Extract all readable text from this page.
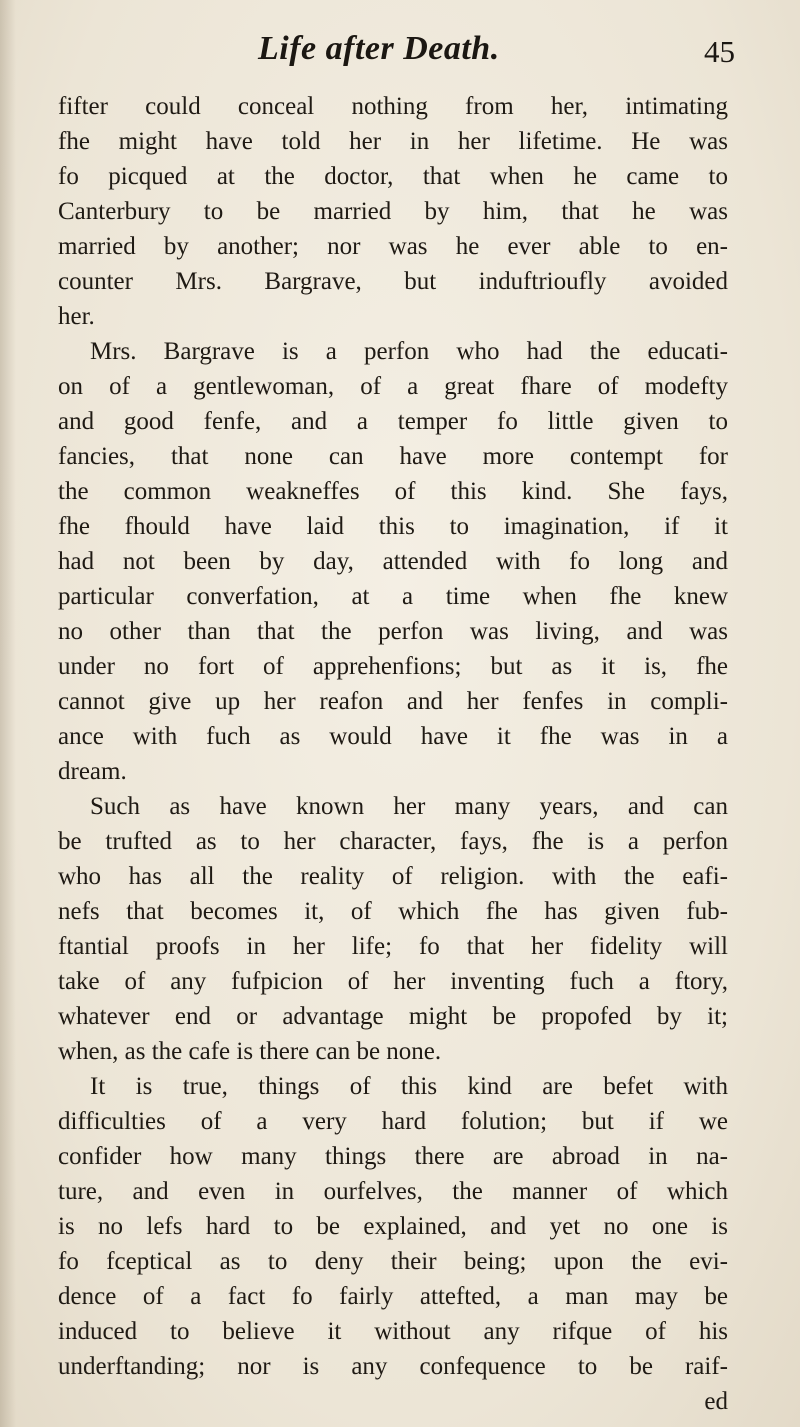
Life after Death.	45
fifter could conceal nothing from her, intimating
fhe might have told her in her lifetime. He was
fo picqued at the doctor, that when he came to
Canterbury to be married by him, that he was
married by another; nor was he ever able to en-
counter Mrs. Bargrave, but induftrioufly avoided
her.
Mrs. Bargrave is a perfon who had the educati-
on of a gentlewoman, of a great fhare of modefty
and good fenfe, and a temper fo little given to
fancies, that none can have more contempt for
the common weakneffes of this kind. She fays,
fhe fhould have laid this to imagination, if it
had not been by day, attended with fo long and
particular converfation, at a time when fhe knew
no other than that the perfon was living, and was
under no fort of apprehenfions; but as it is, fhe
cannot give up her reafon and her fenfes in compli-
ance with fuch as would have it fhe was in a
dream.
Such as have known her many years, and can
be trufted as to her character, fays, fhe is a perfon
who has all the reality of religion. with the eafi-
nefs that becomes it, of which fhe has given fub-
ftantial proofs in her life; fo that her fidelity will
take of any fufpicion of her inventing fuch a ftory,
whatever end or advantage might be propofed by it;
when, as the cafe is there can be none.
It is true, things of this kind are befet with
difficulties of a very hard folution; but if we
confider how many things there are abroad in na-
ture, and even in ourfelves, the manner of which
is no lefs hard to be explained, and yet no one is
fo fceptical as to deny their being; upon the evi-
dence of a fact fo fairly attefted, a man may be
induced to believe it without any rifque of his
underftanding; nor is any confequence to be raif-
ed
